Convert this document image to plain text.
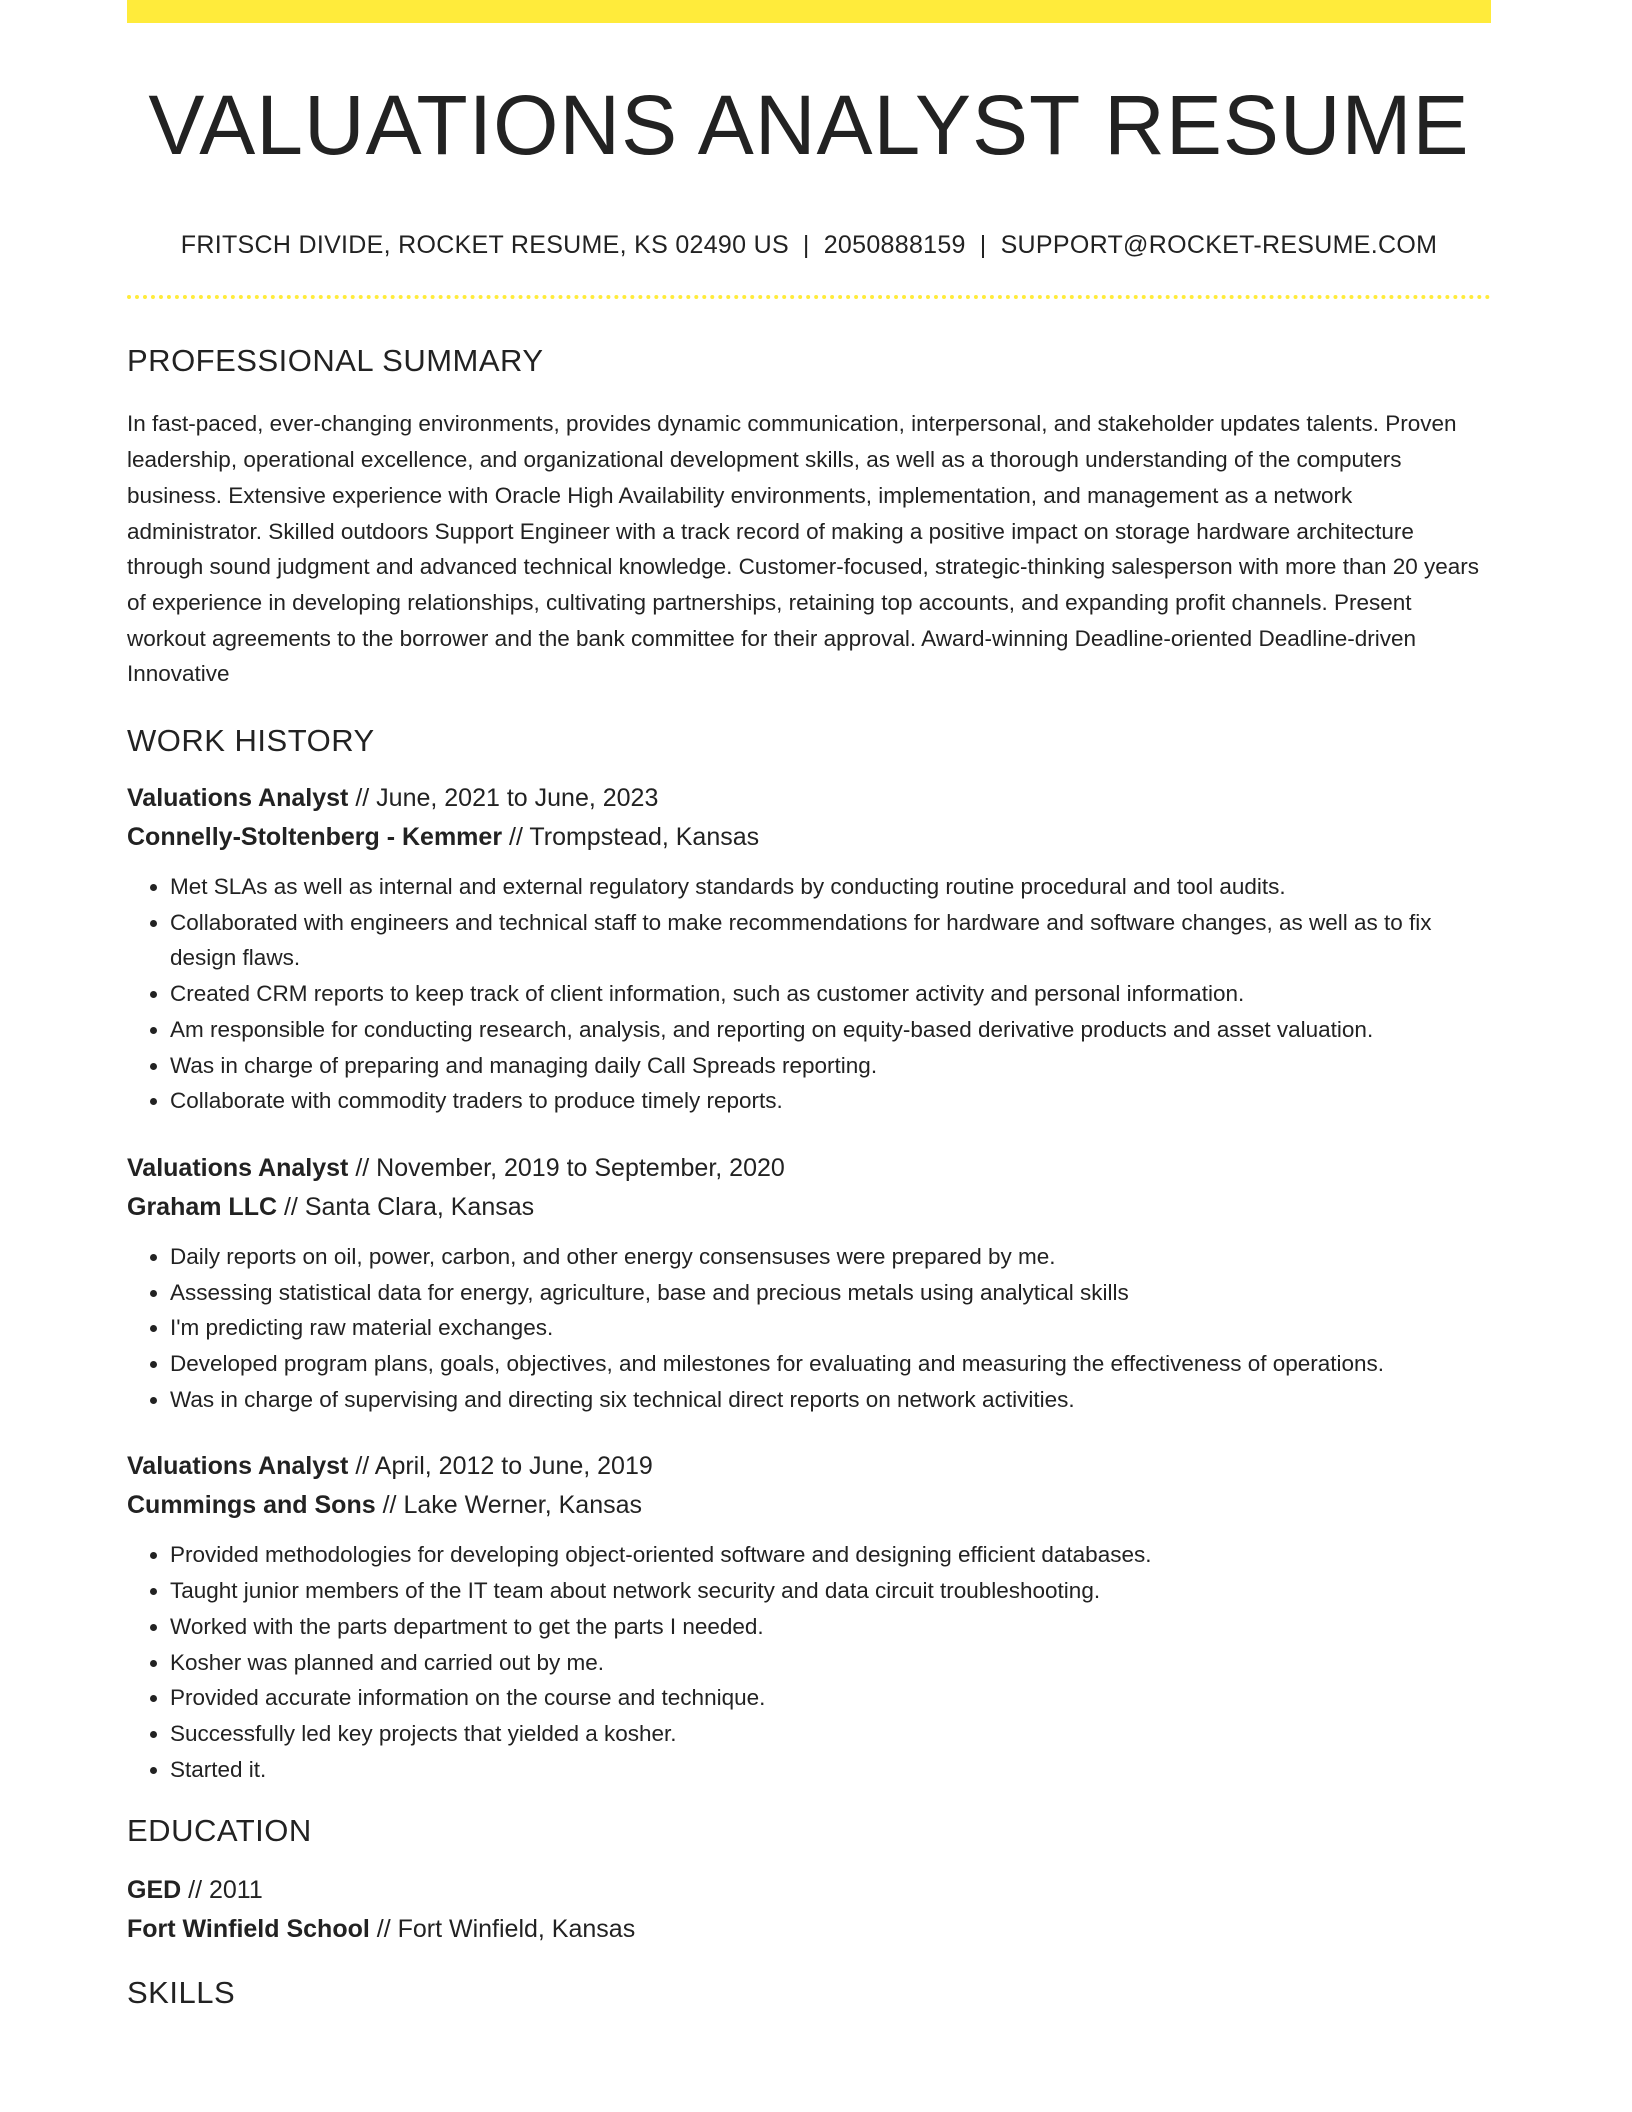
VALUATIONS ANALYST RESUME
FRITSCH DIVIDE, ROCKET RESUME, KS 02490 US | 2050888159 | SUPPORT@ROCKET-RESUME.COM
PROFESSIONAL SUMMARY
In fast-paced, ever-changing environments, provides dynamic communication, interpersonal, and stakeholder updates talents. Proven leadership, operational excellence, and organizational development skills, as well as a thorough understanding of the computers business. Extensive experience with Oracle High Availability environments, implementation, and management as a network administrator. Skilled outdoors Support Engineer with a track record of making a positive impact on storage hardware architecture through sound judgment and advanced technical knowledge. Customer-focused, strategic-thinking salesperson with more than 20 years of experience in developing relationships, cultivating partnerships, retaining top accounts, and expanding profit channels. Present workout agreements to the borrower and the bank committee for their approval. Award-winning Deadline-oriented Deadline-driven Innovative
WORK HISTORY
Valuations Analyst // June, 2021 to June, 2023
Connelly-Stoltenberg - Kemmer // Trompstead, Kansas
• Met SLAs as well as internal and external regulatory standards by conducting routine procedural and tool audits.
• Collaborated with engineers and technical staff to make recommendations for hardware and software changes, as well as to fix design flaws.
• Created CRM reports to keep track of client information, such as customer activity and personal information.
• Am responsible for conducting research, analysis, and reporting on equity-based derivative products and asset valuation.
• Was in charge of preparing and managing daily Call Spreads reporting.
• Collaborate with commodity traders to produce timely reports.
Valuations Analyst // November, 2019 to September, 2020
Graham LLC // Santa Clara, Kansas
• Daily reports on oil, power, carbon, and other energy consensuses were prepared by me.
• Assessing statistical data for energy, agriculture, base and precious metals using analytical skills
• I'm predicting raw material exchanges.
• Developed program plans, goals, objectives, and milestones for evaluating and measuring the effectiveness of operations.
• Was in charge of supervising and directing six technical direct reports on network activities.
Valuations Analyst // April, 2012 to June, 2019
Cummings and Sons // Lake Werner, Kansas
• Provided methodologies for developing object-oriented software and designing efficient databases.
• Taught junior members of the IT team about network security and data circuit troubleshooting.
• Worked with the parts department to get the parts I needed.
• Kosher was planned and carried out by me.
• Provided accurate information on the course and technique.
• Successfully led key projects that yielded a kosher.
• Started it.
EDUCATION
GED // 2011
Fort Winfield School // Fort Winfield, Kansas
SKILLS
